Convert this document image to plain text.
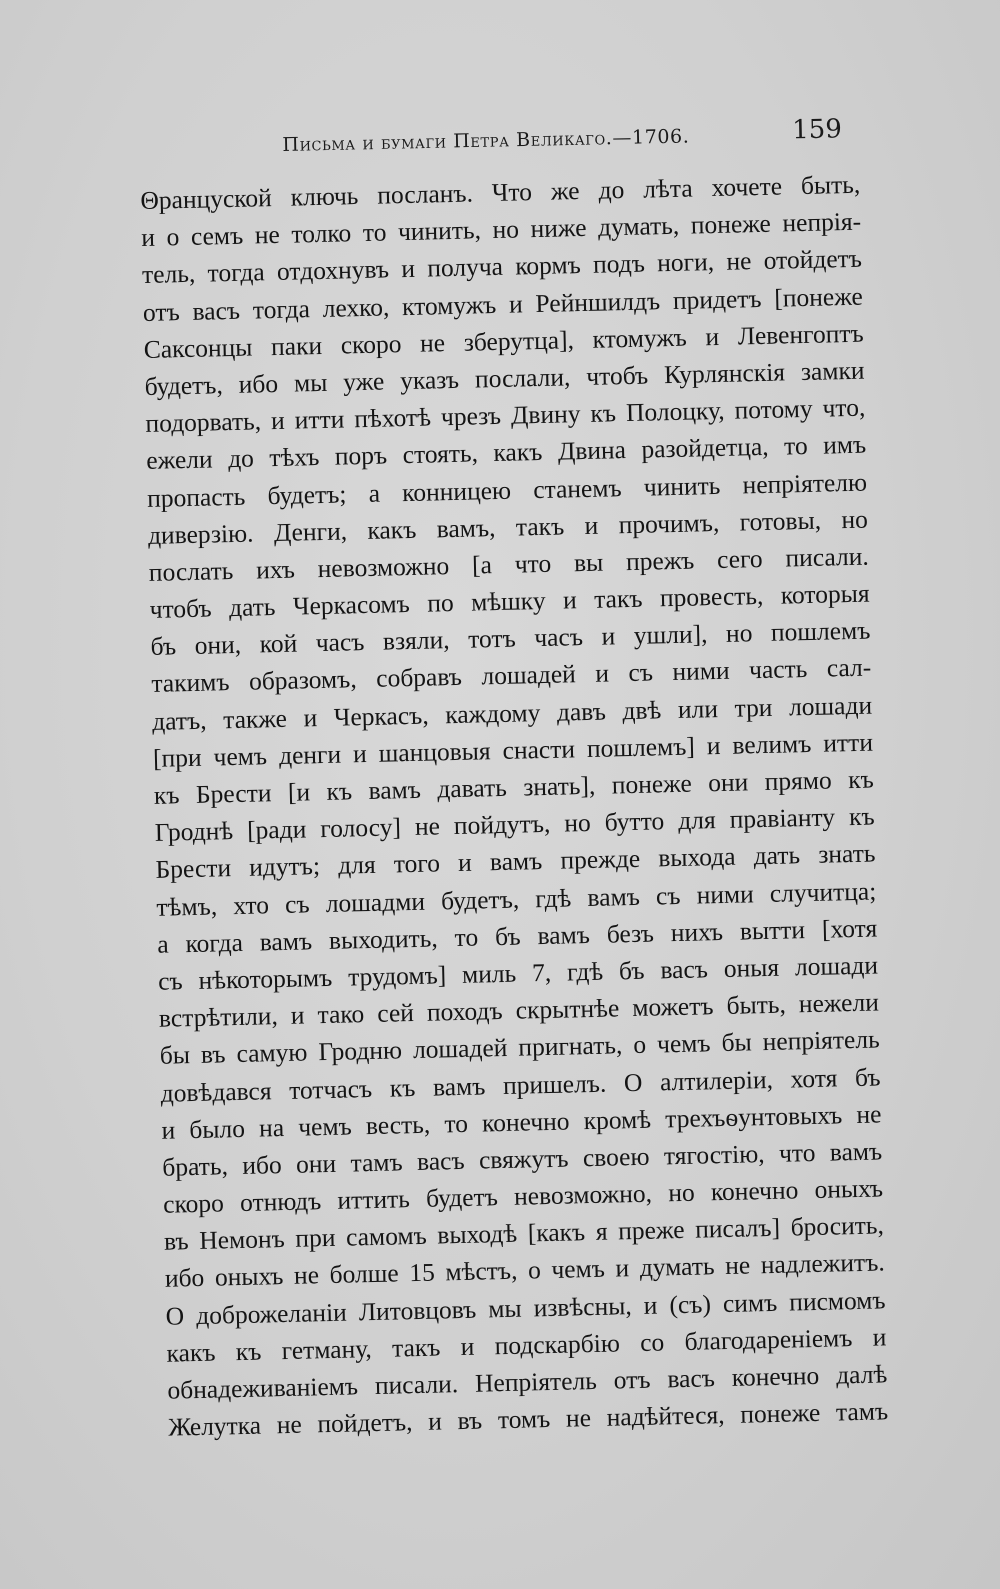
Письма и бумаги Петра Великаго.—1706.	159
Θранцуской ключь посланъ. Что же до лѣта хочете быть,
и о семъ не толко то чинить, но ниже думать, понеже непрiя-
тель, тогда отдохнувъ и получа кормъ подъ ноги, не отойдетъ
отъ васъ тогда лехко, ктомужъ и Рейншилдъ придетъ [понеже
Саксонцы паки скоро не зберутца], ктомужъ и Левенгоптъ
будетъ, ибо мы уже указъ послали, чтобъ Курлянскiя замки
подорвать, и итти пѣхотѣ чрезъ Двину къ Полоцку, потому что,
ежели до тѣхъ поръ стоять, какъ Двина разойдетца, то имъ
пропасть будетъ; а конницею станемъ чинить непрiятелю
диверзiю. Денги, какъ вамъ, такъ и прочимъ, готовы, но
послать ихъ невозможно [а что вы прежъ сего писали.
чтобъ дать Черкасомъ по мѣшку и такъ провесть, которыя
бъ они, кой часъ взяли, тотъ часъ и ушли], но пошлемъ
такимъ образомъ, собравъ лошадей и съ ними часть сал-
датъ, также и Черкасъ, каждому давъ двѣ или три лошади
[при чемъ денги и шанцовыя снасти пошлемъ] и велимъ итти
къ Брести [и къ вамъ давать знать], понеже они прямо къ
Гроднѣ [ради голосу] не пойдутъ, но бутто для правiанту къ
Брести идутъ; для того и вамъ прежде выхода дать знать
тѣмъ, хто съ лошадми будетъ, гдѣ вамъ съ ними случитца;
а когда вамъ выходить, то бъ вамъ безъ нихъ вытти [хотя
съ нѣкоторымъ трудомъ] миль 7, гдѣ бъ васъ оныя лошади
встрѣтили, и тако сей походъ скрытнѣе можетъ быть, нежели
бы въ самую Гродню лошадей пригнать, о чемъ бы непрiятель
довѣдався тотчасъ къ вамъ пришелъ. О алтилерiи, хотя бъ
и было на чемъ весть, то конечно кромѣ трехъѳунтовыхъ не
брать, ибо они тамъ васъ свяжутъ своею тягостiю, что вамъ
скоро отнюдъ иттить будетъ невозможно, но конечно оныхъ
въ Немонъ при самомъ выходѣ [какъ я преже писалъ] бросить,
ибо оныхъ не болше 15 мѣстъ, о чемъ и думать не надлежитъ.
О доброжеланiи Литовцовъ мы извѣсны, и (съ) симъ писмомъ
какъ къ гетману, такъ и подскарбiю со благодаренiемъ и
обнадеживанiемъ писали. Непрiятель отъ васъ конечно далѣ
Желутка не пойдетъ, и въ томъ не надѣйтеся, понеже тамъ
